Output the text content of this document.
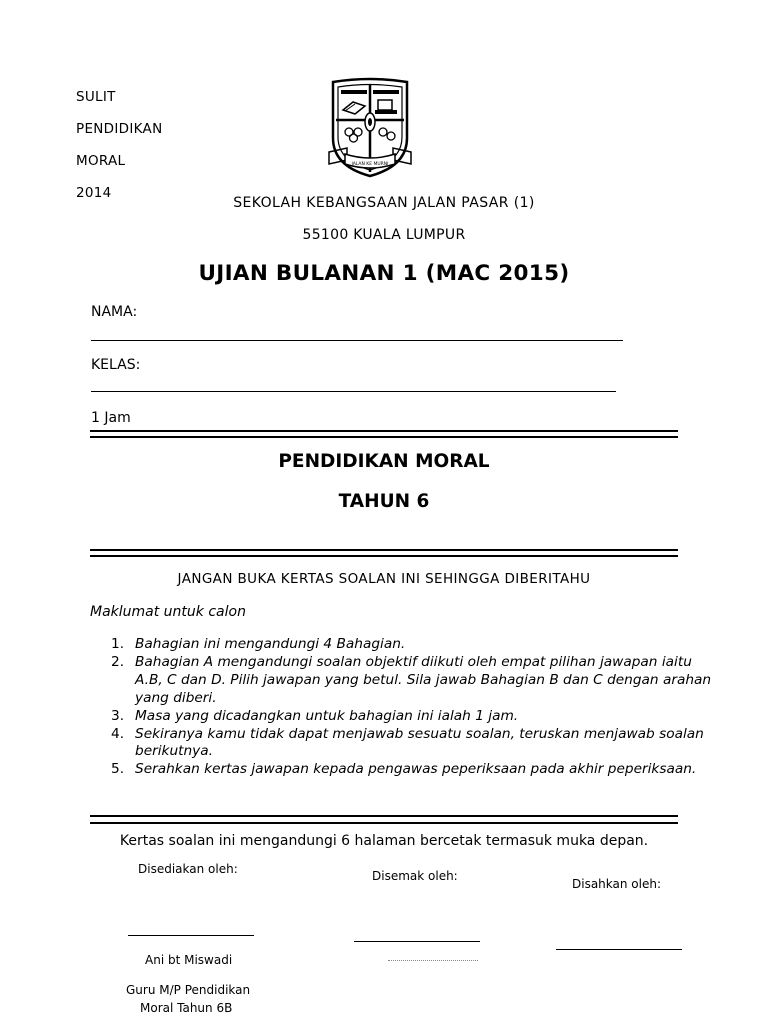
SULIT
PENDIDIKAN
MORAL
2014
JALAN KE MURNI
SEKOLAH KEBANGSAAN JALAN PASAR (1)
55100 KUALA LUMPUR
UJIAN BULANAN 1 (MAC 2015)
NAMA:
KELAS:
1 Jam
PENDIDIKAN MORAL
TAHUN 6
JANGAN BUKA KERTAS SOALAN INI SEHINGGA DIBERITAHU
Maklumat untuk calon
1. Bahagian ini mengandungi 4 Bahagian.
2. Bahagian A mengandungi soalan objektif diikuti oleh empat pilihan jawapan iaitu A.B, C dan D. Pilih jawapan yang betul. Sila jawab Bahagian B dan C dengan arahan yang diberi.
3. Masa yang dicadangkan untuk bahagian ini ialah 1 jam.
4. Sekiranya kamu tidak dapat menjawab sesuatu soalan, teruskan menjawab soalan berikutnya.
5. Serahkan kertas jawapan kepada pengawas peperiksaan pada akhir peperiksaan.
Kertas soalan ini mengandungi 6 halaman bercetak termasuk muka depan.
Disediakan oleh:	Disemak oleh:
Disahkan oleh:
Ani bt Miswadi
Guru M/P Pendidikan
Moral Tahun 6B
